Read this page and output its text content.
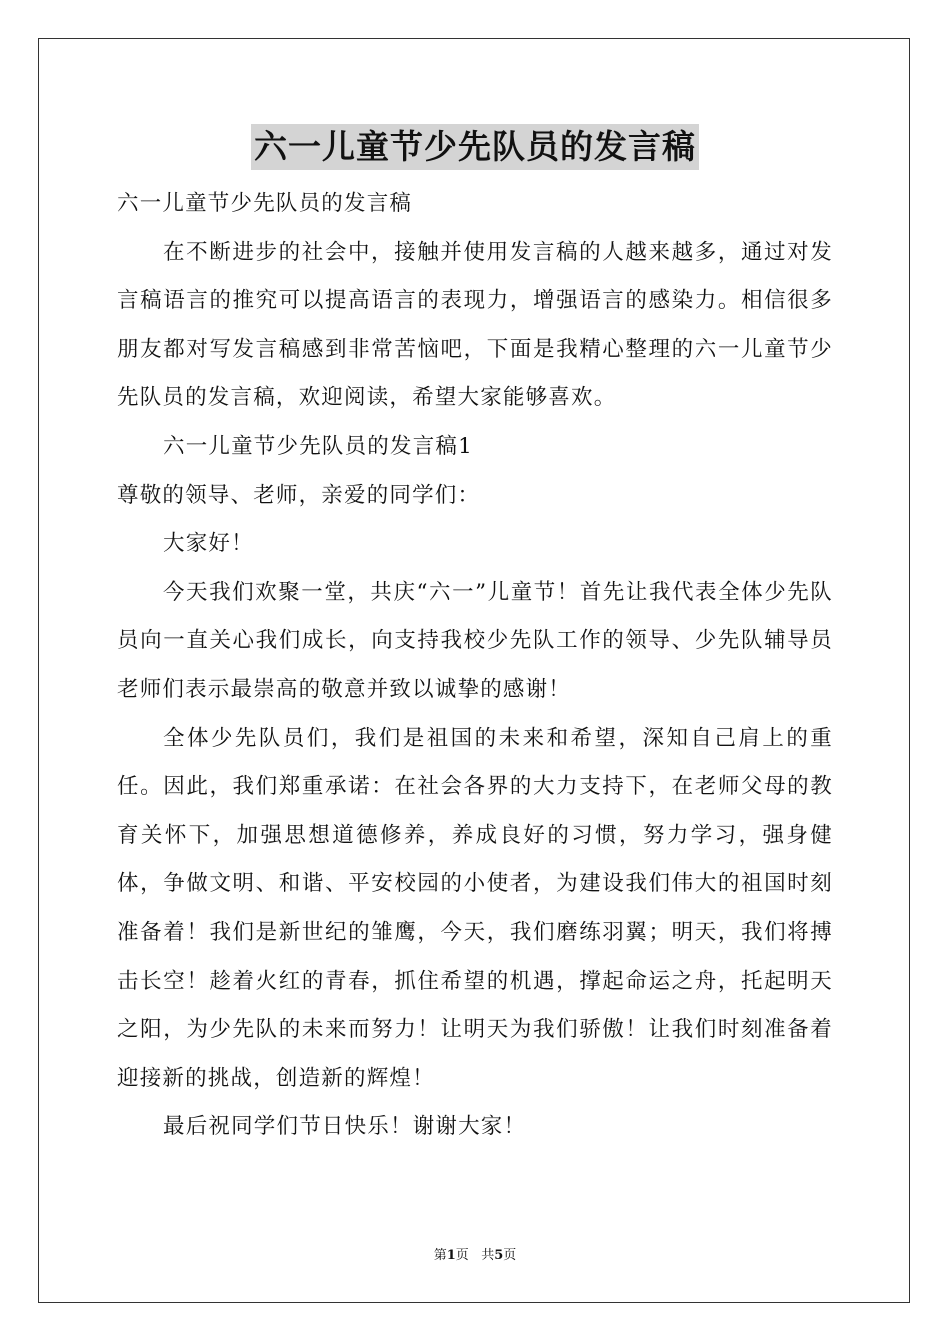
六一儿童节少先队员的发言稿

六一儿童节少先队员的发言稿

在不断进步的社会中，接触并使用发言稿的人越来越多，通过对发言稿语言的推究可以提高语言的表现力，增强语言的感染力。相信很多朋友都对写发言稿感到非常苦恼吧，下面是我精心整理的六一儿童节少先队员的发言稿，欢迎阅读，希望大家能够喜欢。

六一儿童节少先队员的发言稿1

尊敬的领导、老师，亲爱的同学们：

大家好！

今天我们欢聚一堂，共庆“六一”儿童节！首先让我代表全体少先队员向一直关心我们成长，向支持我校少先队工作的领导、少先队辅导员老师们表示最崇高的敬意并致以诚挚的感谢！

全体少先队员们，我们是祖国的未来和希望，深知自己肩上的重任。因此，我们郑重承诺：在社会各界的大力支持下，在老师父母的教育关怀下，加强思想道德修养，养成良好的习惯，努力学习，强身健体，争做文明、和谐、平安校园的小使者，为建设我们伟大的祖国时刻准备着！我们是新世纪的雏鹰，今天，我们磨练羽翼；明天，我们将搏击长空！趁着火红的青春，抓住希望的机遇，撑起命运之舟，托起明天之阳，为少先队的未来而努力！让明天为我们骄傲！让我们时刻准备着迎接新的挑战，创造新的辉煌！

最后祝同学们节日快乐！谢谢大家！

第1页 共5页
